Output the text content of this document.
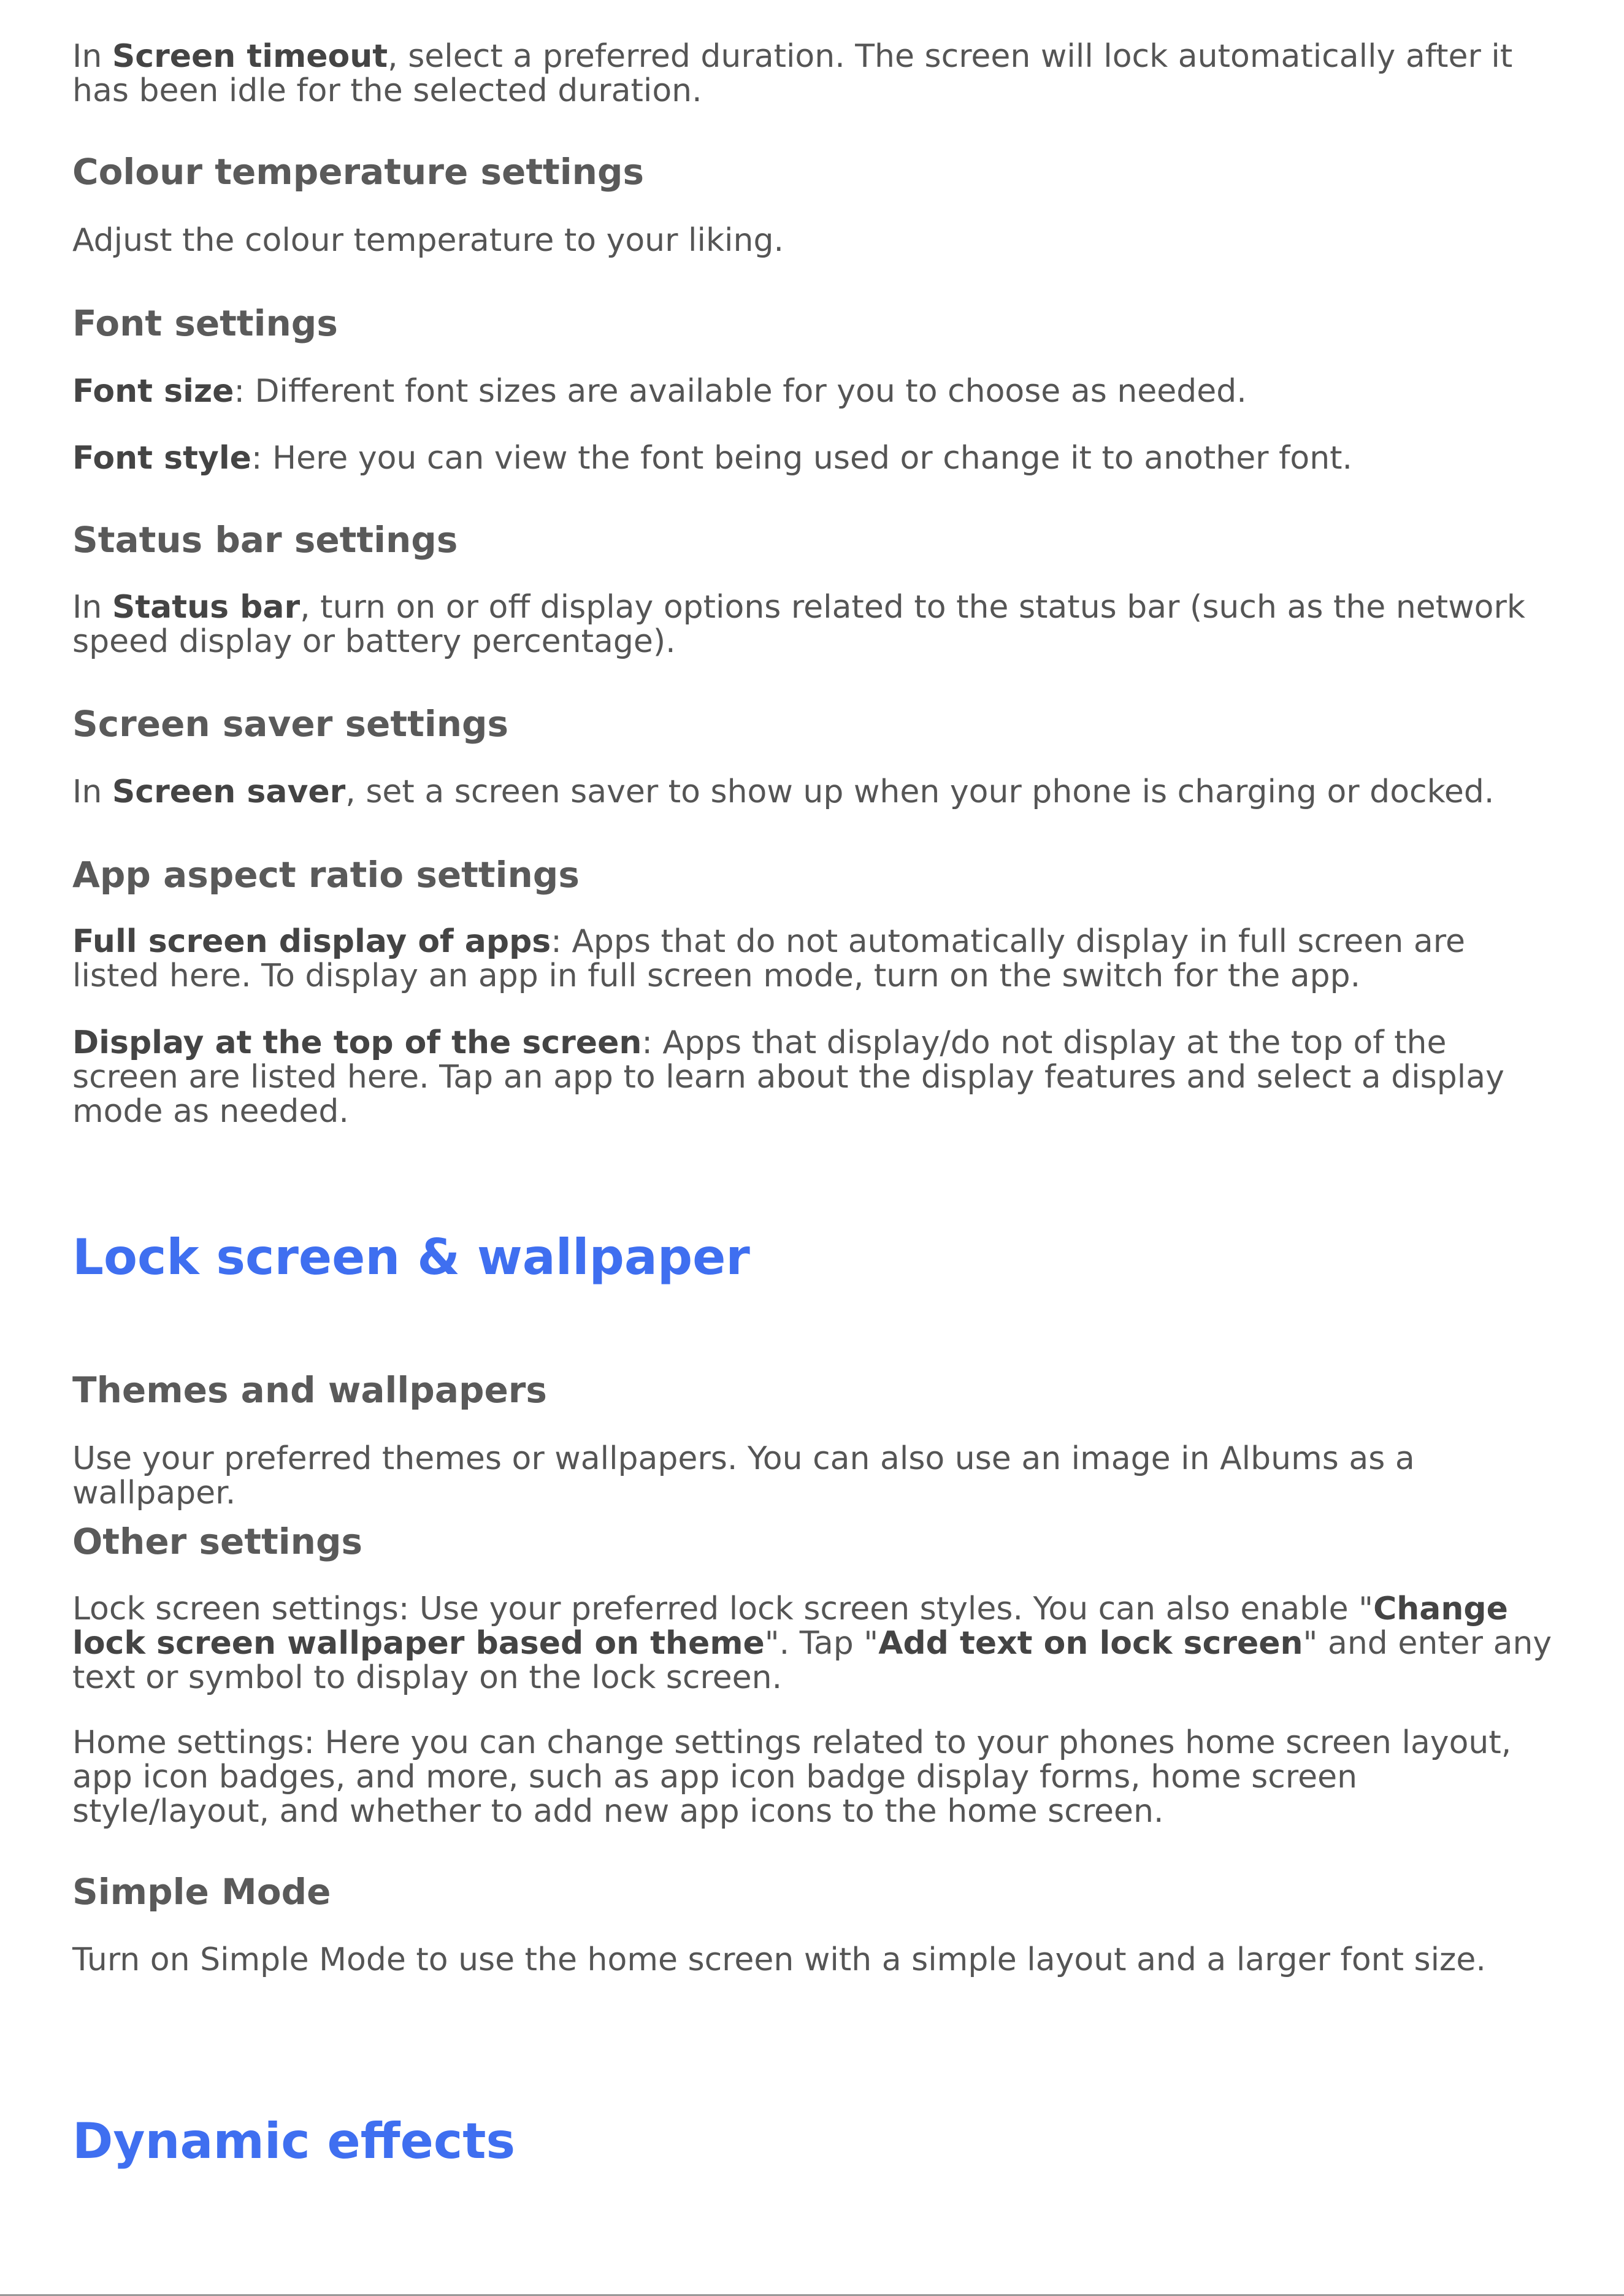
In Screen timeout, select a preferred duration. The screen will lock automatically after it has been idle for the selected duration.

Colour temperature settings

Adjust the colour temperature to your liking.

Font settings

Font size: Different font sizes are available for you to choose as needed.

Font style: Here you can view the font being used or change it to another font.

Status bar settings

In Status bar, turn on or off display options related to the status bar (such as the network speed display or battery percentage).

Screen saver settings

In Screen saver, set a screen saver to show up when your phone is charging or docked.

App aspect ratio settings

Full screen display of apps: Apps that do not automatically display in full screen are listed here. To display an app in full screen mode, turn on the switch for the app.

Display at the top of the screen: Apps that display/do not display at the top of the screen are listed here. Tap an app to learn about the display features and select a display mode as needed.

Lock screen & wallpaper
Themes and wallpapers

Use your preferred themes or wallpapers. You can also use an image in Albums as a wallpaper.

Other settings

Lock screen settings: Use your preferred lock screen styles. You can also enable "Change lock screen wallpaper based on theme". Tap "Add text on lock screen" and enter any text or symbol to display on the lock screen.

Home settings: Here you can change settings related to your phones home screen layout, app icon badges, and more, such as app icon badge display forms, home screen style/layout, and whether to add new app icons to the home screen.

Simple Mode

Turn on Simple Mode to use the home screen with a simple layout and a larger font size.

Dynamic effects
